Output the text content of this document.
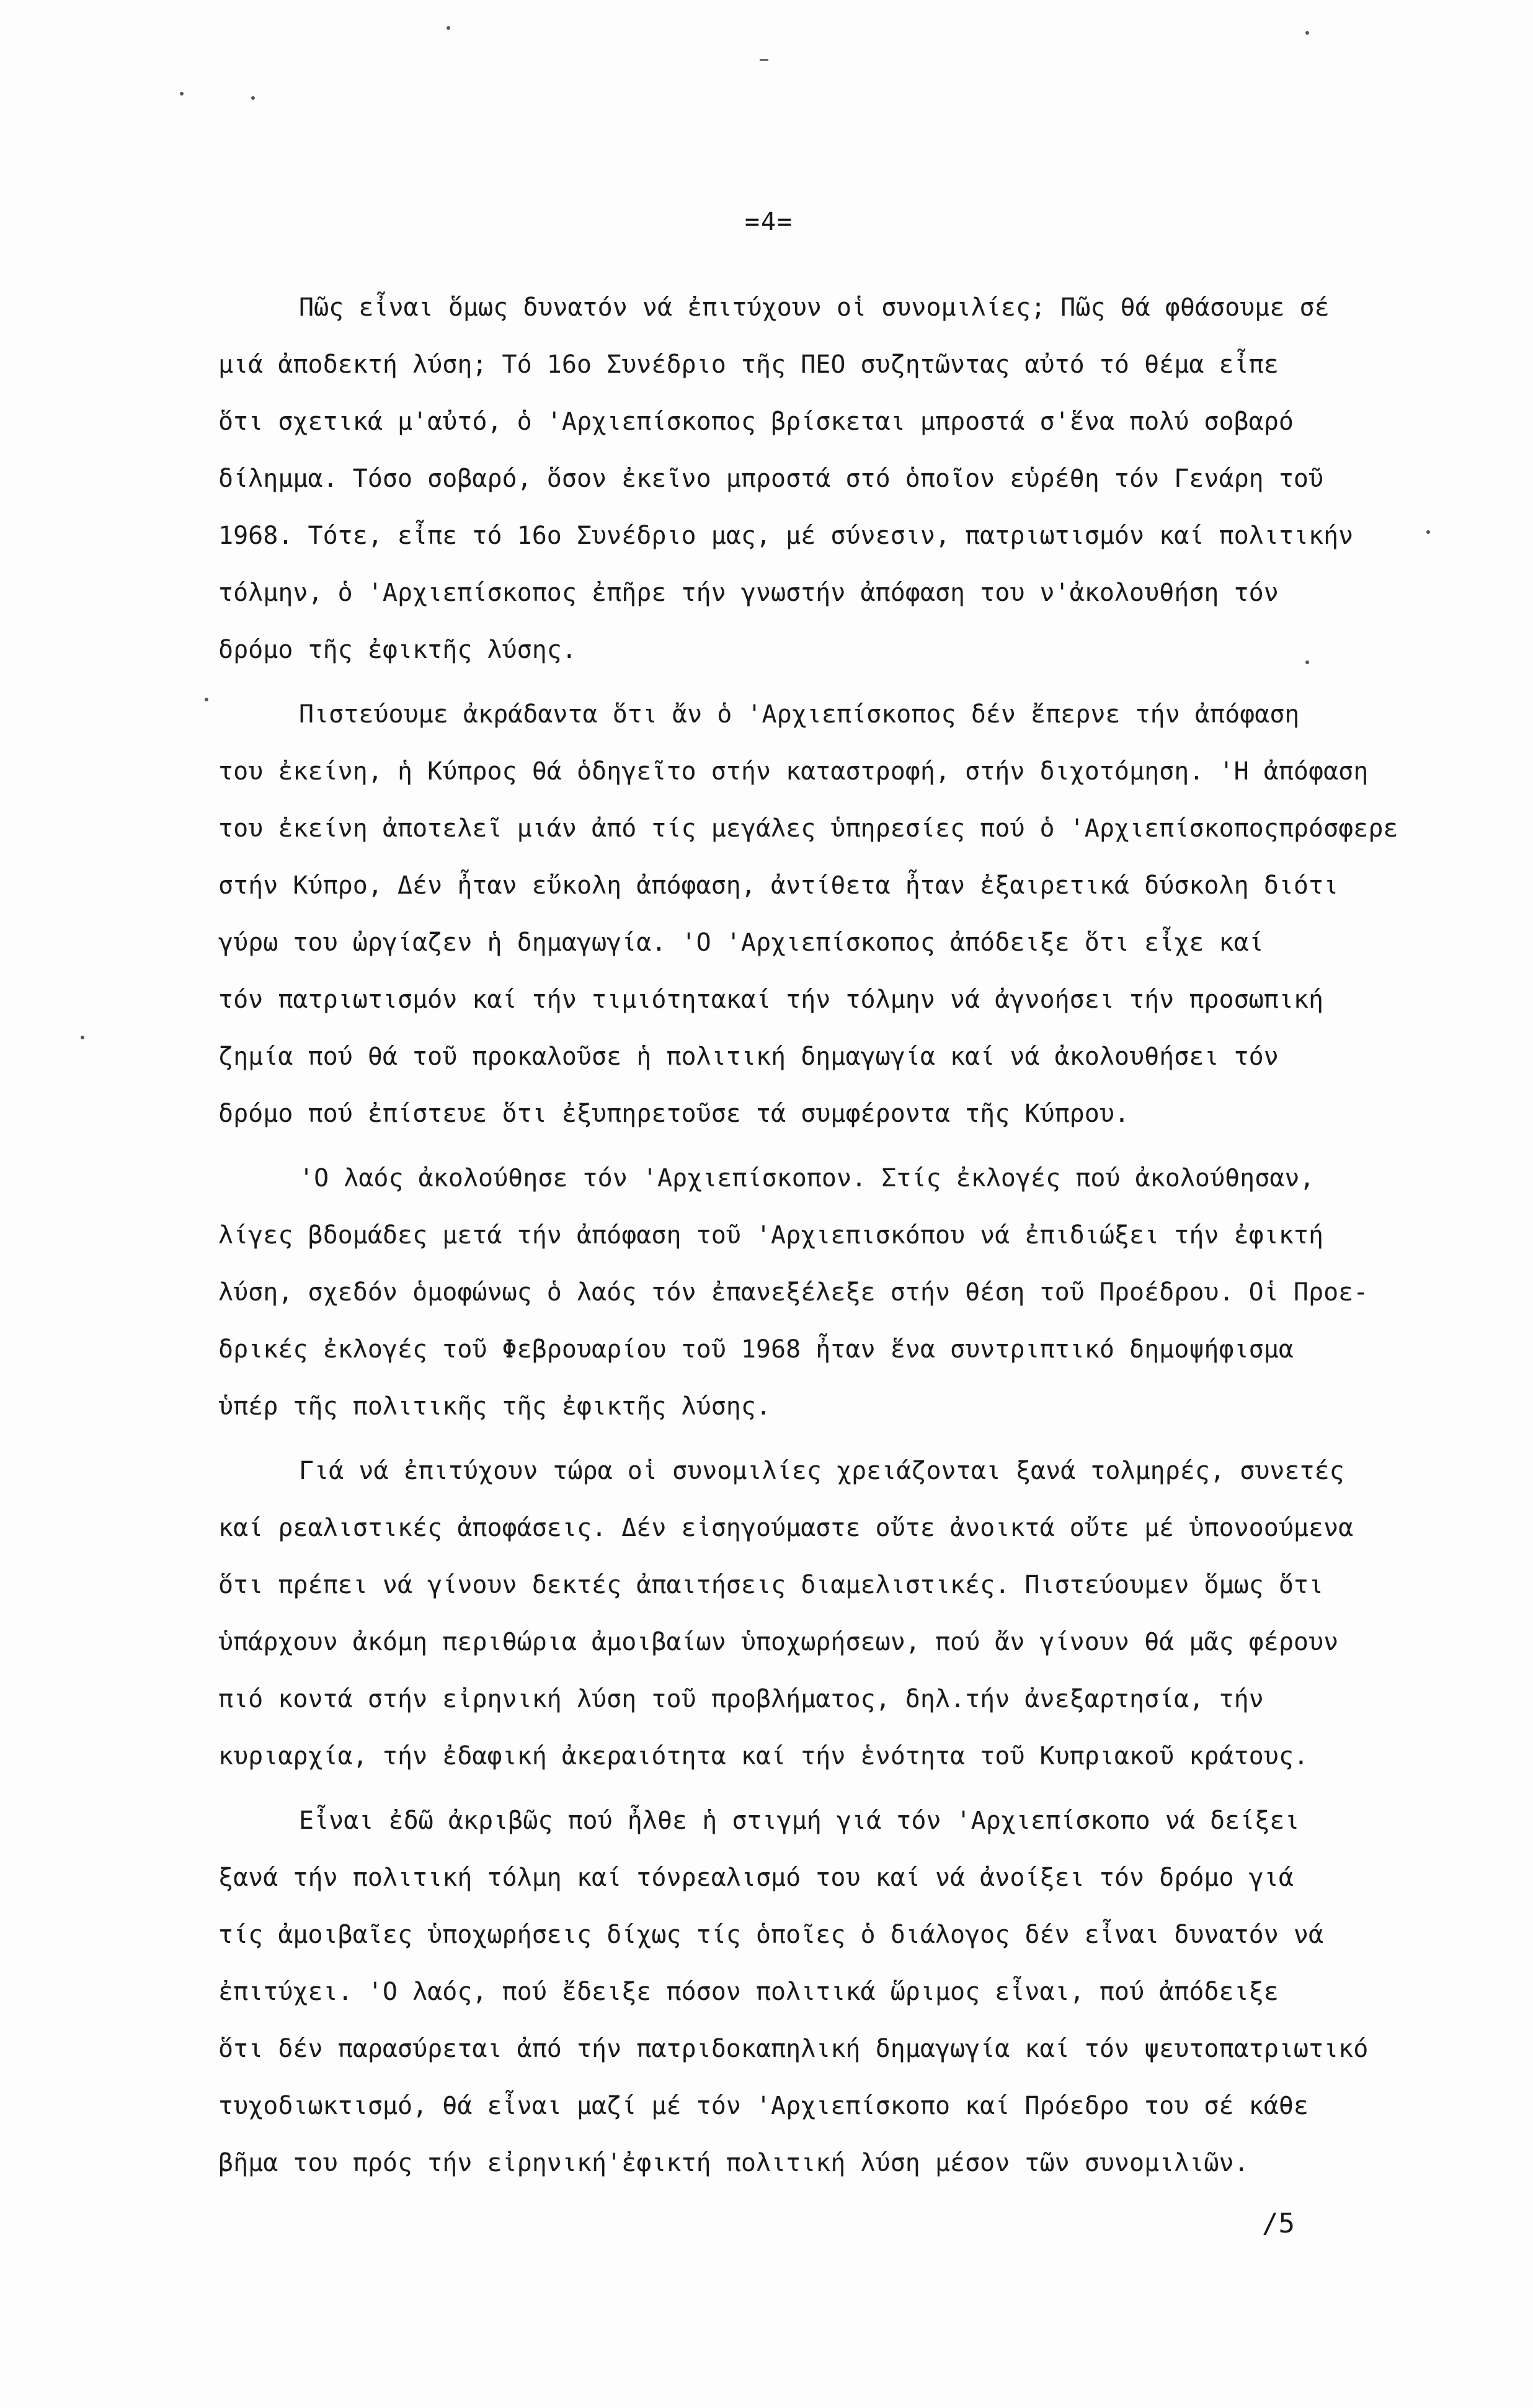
=4=
Πῶς εἶναι ὅμως δυνατόν νά ἐπιτύχουν οἱ συνομιλίες; Πῶς θά φθάσουμε σέ
μιά ἀποδεκτή λύση; Τό 16ο Συνέδριο τῆς ΠΕΟ συζητῶντας αὐτό τό θέμα εἶπε
ὅτι σχετικά μ'αὐτό, ὁ 'Αρχιεπίσκοπος βρίσκεται μπροστά σ'ἕνα πολύ σοβαρό
δίλημμα. Τόσο σοβαρό, ὅσον ἐκεῖνο μπροστά στό ὁποῖον εὑρέθη τόν Γενάρη τοῦ
1968. Τότε, εἶπε τό 16ο Συνέδριο μας, μέ σύνεσιν, πατριωτισμόν καί πολιτικήν
τόλμην, ὁ 'Αρχιεπίσκοπος ἐπῆρε τήν γνωστήν ἀπόφαση του ν'ἀκολουθήση τόν
δρόμο τῆς ἐφικτῆς λύσης.
Πιστεύουμε ἀκράδαντα ὅτι ἄν ὁ 'Αρχιεπίσκοπος δέν ἔπερνε τήν ἀπόφαση
του ἐκείνη, ἡ Κύπρος θά ὁδηγεῖτο στήν καταστροφή, στήν διχοτόμηση. 'Η ἀπόφαση
του ἐκείνη ἀποτελεῖ μιάν ἀπό τίς μεγάλες ὑπηρεσίες πού ὁ 'Αρχιεπίσκοποςπρόσφερε
στήν Κύπρο, Δέν ἦταν εὔκολη ἀπόφαση, ἀντίθετα ἦταν ἐξαιρετικά δύσκολη διότι
γύρω του ὠργίαζεν ἡ δημαγωγία. 'Ο 'Αρχιεπίσκοπος ἀπόδειξε ὅτι εἶχε καί
τόν πατριωτισμόν καί τήν τιμιότητακαί τήν τόλμην νά ἀγνοήσει τήν προσωπική
ζημία πού θά τοῦ προκαλοῦσε ἡ πολιτική δημαγωγία καί νά ἀκολουθήσει τόν
δρόμο πού ἐπίστευε ὅτι ἐξυπηρετοῦσε τά συμφέροντα τῆς Κύπρου.
'Ο λαός ἀκολούθησε τόν 'Αρχιεπίσκοπον. Στίς ἐκλογές πού ἀκολούθησαν,
λίγες βδομάδες μετά τήν ἀπόφαση τοῦ 'Αρχιεπισκόπου νά ἐπιδιώξει τήν ἐφικτή
λύση, σχεδόν ὁμοφώνως ὁ λαός τόν ἐπανεξέλεξε στήν θέση τοῦ Προέδρου. Οἱ Προε-
δρικές ἐκλογές τοῦ Φεβρουαρίου τοῦ 1968 ἦταν ἕνα συντριπτικό δημοψήφισμα
ὑπέρ τῆς πολιτικῆς τῆς ἐφικτῆς λύσης.
Γιά νά ἐπιτύχουν τώρα οἱ συνομιλίες χρειάζονται ξανά τολμηρές, συνετές
καί ρεαλιστικές ἀποφάσεις. Δέν εἰσηγούμαστε οὔτε ἀνοικτά οὔτε μέ ὑπονοούμενα
ὅτι πρέπει νά γίνουν δεκτές ἀπαιτήσεις διαμελιστικές. Πιστεύουμεν ὅμως ὅτι
ὑπάρχουν ἀκόμη περιθώρια ἀμοιβαίων ὑποχωρήσεων, πού ἄν γίνουν θά μᾶς φέρουν
πιό κοντά στήν εἰρηνική λύση τοῦ προβλήματος, δηλ.τήν ἀνεξαρτησία, τήν
κυριαρχία, τήν ἐδαφική ἀκεραιότητα καί τήν ἑνότητα τοῦ Κυπριακοῦ κράτους.
Εἶναι ἐδῶ ἀκριβῶς πού ἦλθε ἡ στιγμή γιά τόν 'Αρχιεπίσκοπο νά δείξει
ξανά τήν πολιτική τόλμη καί τόνρεαλισμό του καί νά ἀνοίξει τόν δρόμο γιά
τίς ἀμοιβαῖες ὑποχωρήσεις δίχως τίς ὁποῖες ὁ διάλογος δέν εἶναι δυνατόν νά
ἐπιτύχει. 'Ο λαός, πού ἔδειξε πόσον πολιτικά ὥριμος εἶναι, πού ἀπόδειξε
ὅτι δέν παρασύρεται ἀπό τήν πατριδοκαπηλική δημαγωγία καί τόν ψευτοπατριωτικό
τυχοδιωκτισμό, θά εἶναι μαζί μέ τόν 'Αρχιεπίσκοπο καί Πρόεδρο του σέ κάθε
βῆμα του πρός τήν εἰρηνική'ἐφικτή πολιτική λύση μέσον τῶν συνομιλιῶν.
/5
